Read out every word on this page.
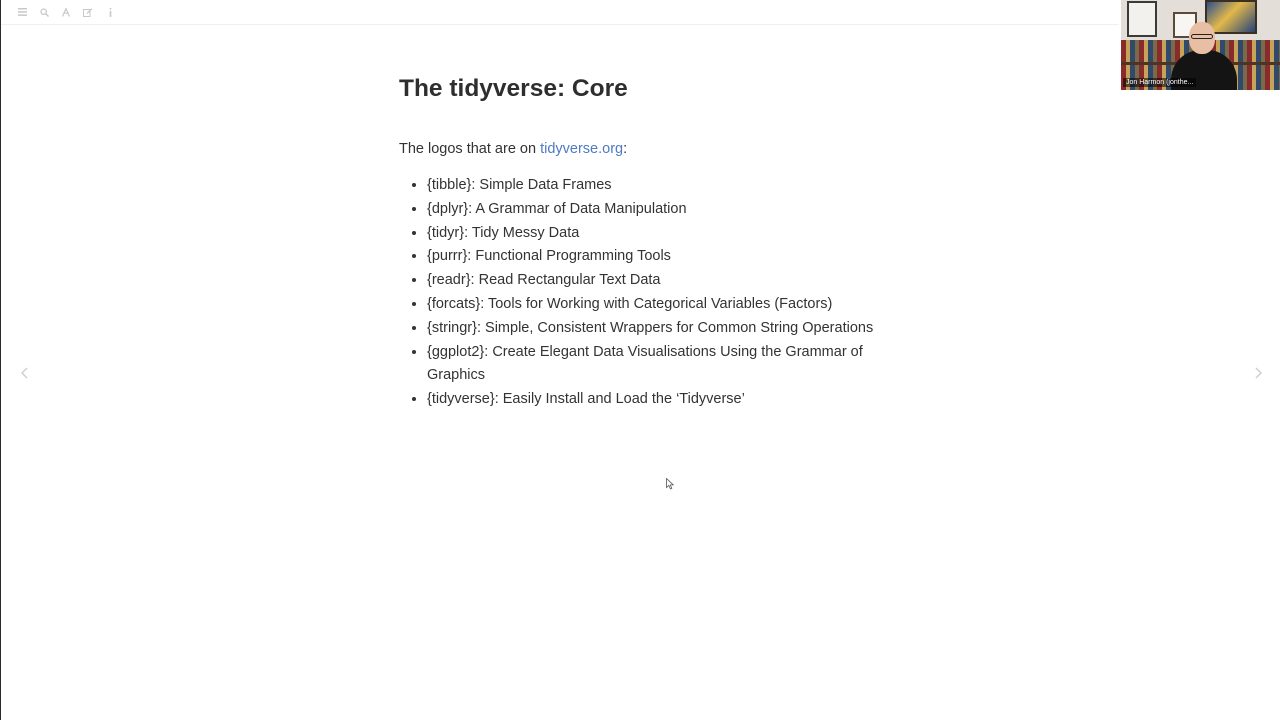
The tidyverse: Core

The logos that are on tidyverse.org:

• {tibble}: Simple Data Frames
• {dplyr}: A Grammar of Data Manipulation
• {tidyr}: Tidy Messy Data
• {purrr}: Functional Programming Tools
• {readr}: Read Rectangular Text Data
• {forcats}: Tools for Working with Categorical Variables (Factors)
• {stringr}: Simple, Consistent Wrappers for Common String Operations
• {ggplot2}: Create Elegant Data Visualisations Using the Grammar of Graphics
• {tidyverse}: Easily Install and Load the ‘Tidyverse’
Jon Harmon (jonthe...
